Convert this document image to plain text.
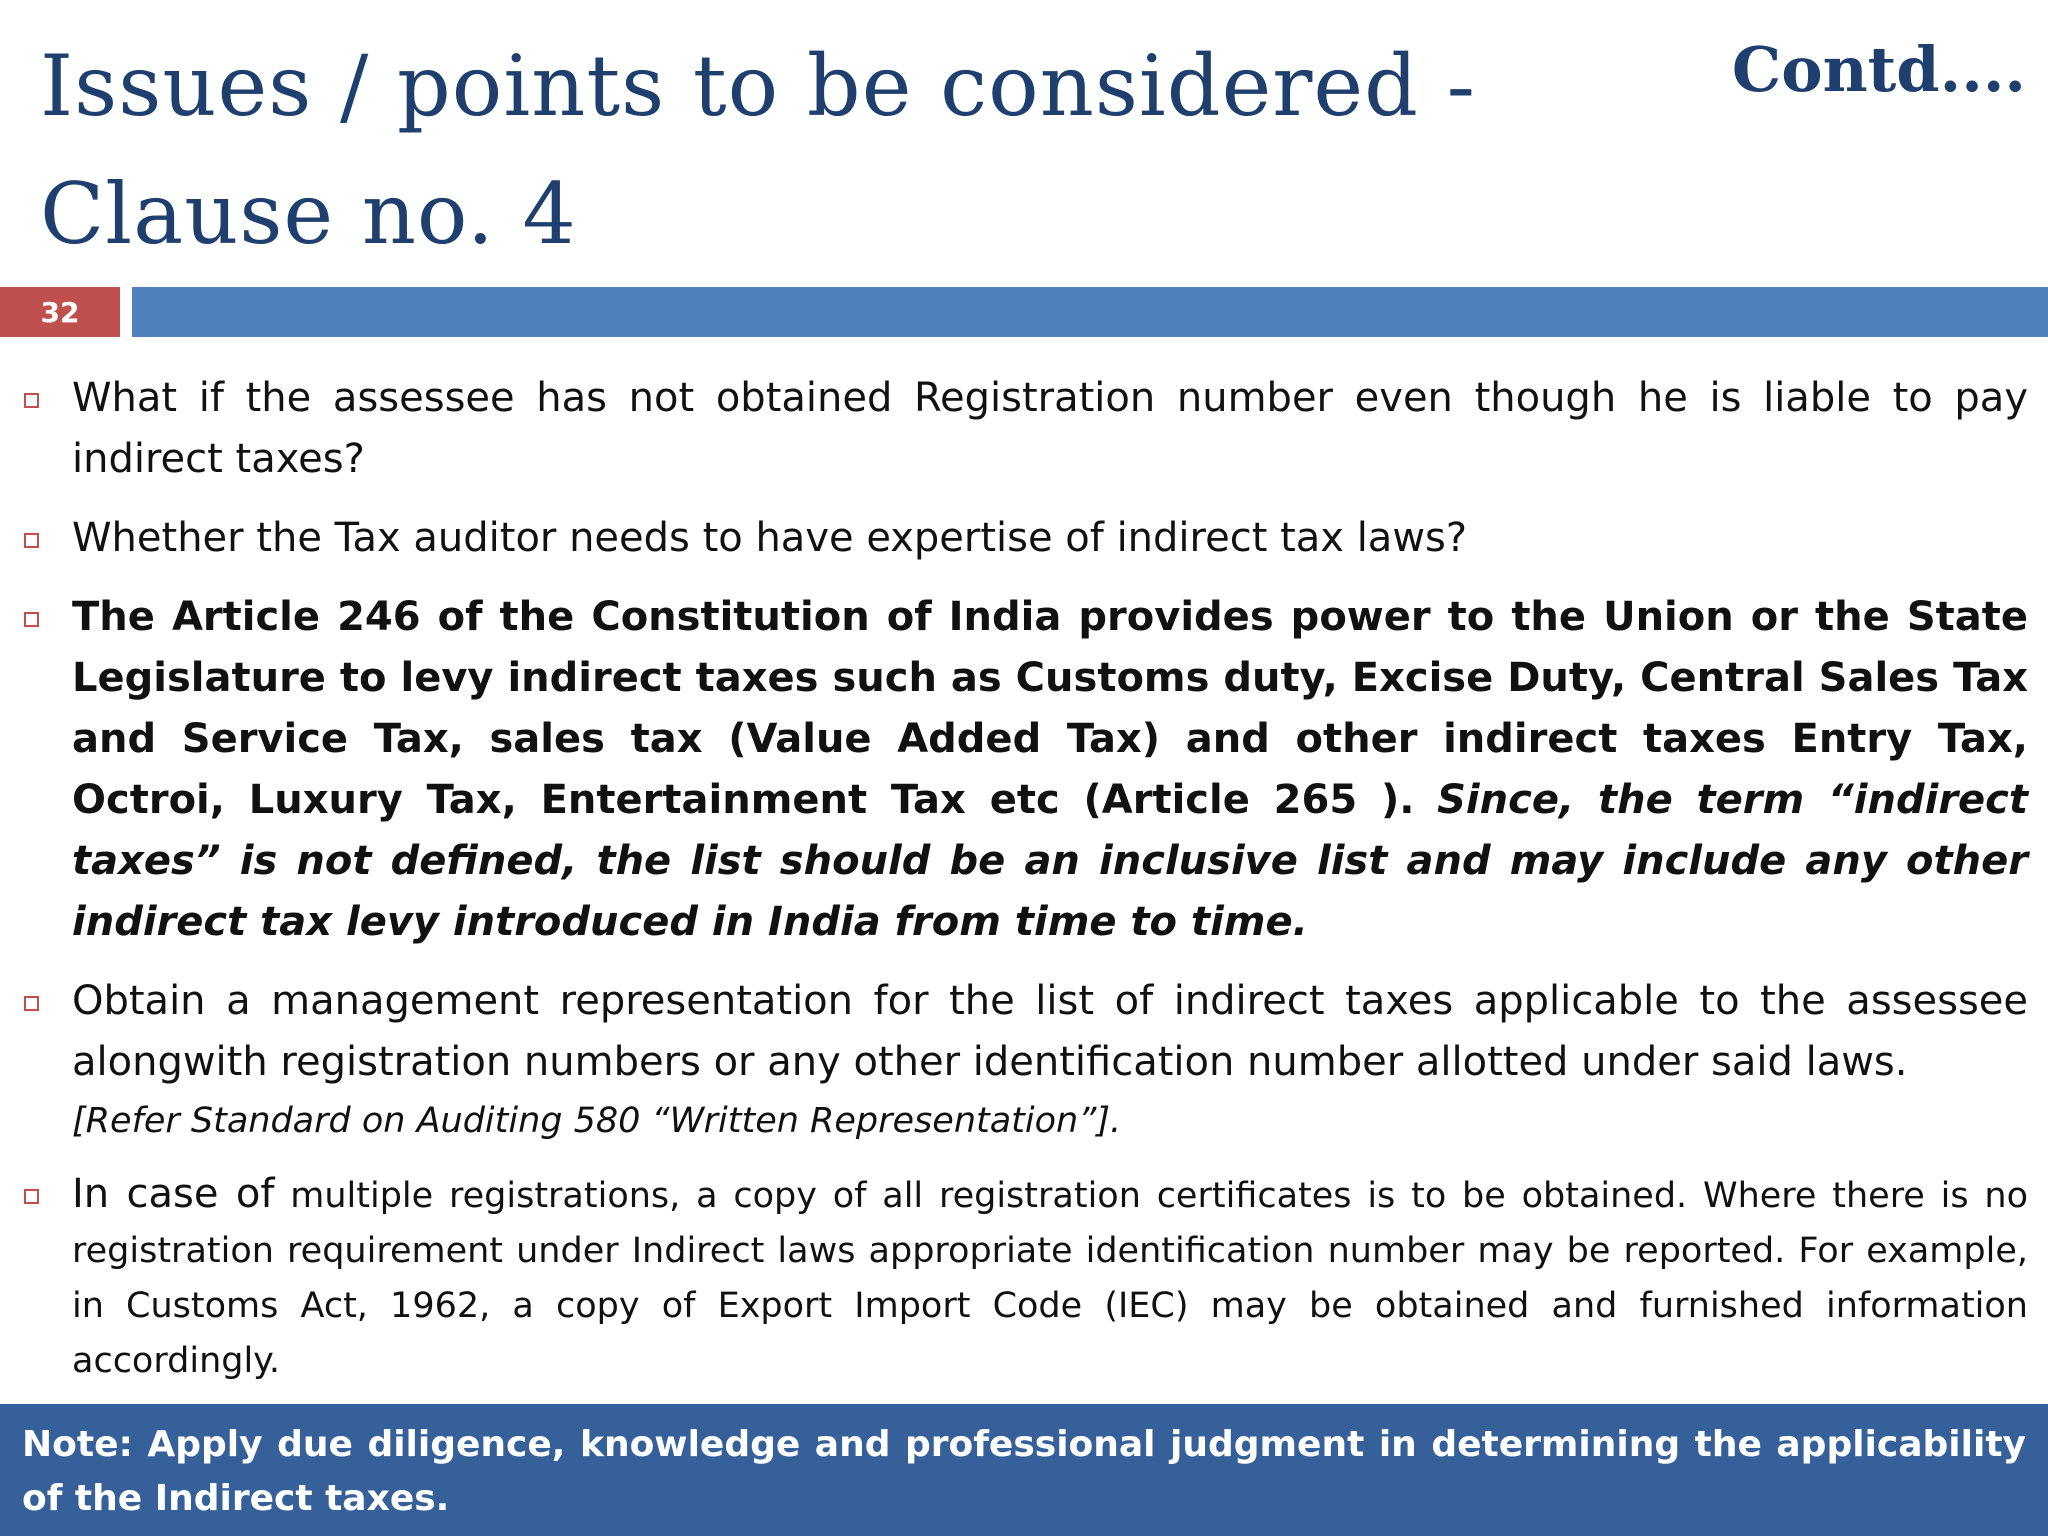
Issues / points to be considered -
Clause no. 4
Contd....
32
What if the assessee has not obtained Registration number even though he is liable to pay indirect taxes?
Whether the Tax auditor needs to have expertise of indirect tax laws?
The Article 246 of the Constitution of India provides power to the Union or the State Legislature to levy indirect taxes such as Customs duty, Excise Duty, Central Sales Tax and Service Tax, sales tax (Value Added Tax) and other indirect taxes Entry Tax, Octroi, Luxury Tax, Entertainment Tax etc (Article 265 ). Since, the term “indirect taxes” is not defined, the list should be an inclusive list and may include any other indirect tax levy introduced in India from time to time.
Obtain a management representation for the list of indirect taxes applicable to the assessee alongwith registration numbers or any other identification number allotted under said laws.
[Refer Standard on Auditing 580 “Written Representation”].
In case of multiple registrations, a copy of all registration certificates is to be obtained. Where there is no registration requirement under Indirect laws appropriate identification number may be reported. For example, in Customs Act, 1962, a copy of Export Import Code (IEC) may be obtained and furnished information accordingly.
Note: Apply due diligence, knowledge and professional judgment in determining the applicability of the Indirect taxes.
